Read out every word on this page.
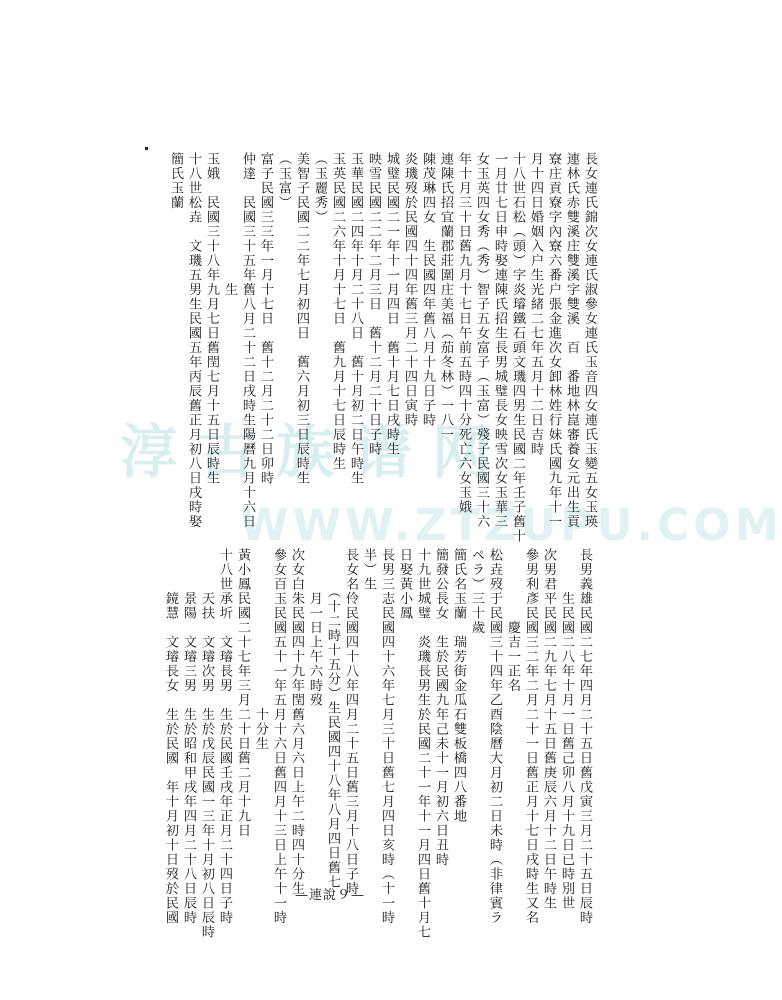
淳古族谱网
WWW.ZTZUPU.COM
長女連氏錦次女連氏淑參女連氏玉音四女連氏玉變五女玉瑛
連林氏赤雙溪庄雙溪字雙溪　百　番地林崑審養女元出生貢
寮庄貢寮字內寮六番户張金進次女卸林姓行妹氏國九年十一
月十四日婚姻入户生光緒二七年五月十二日吉時
十八世石松（頭）字炎璿鐵石頭文璣四男生民國二年壬子舊十
一月廿七日申時娶連陳氏招生長男城璧長女映雪次女玉華三
女玉英四女秀（秀）智子五女富子（玉富）殘子民國三十六
年十月三十日舊九月十七日午前五時四十分死亡六女玉娥
連陳氏招宜蘭郡莊圍庄美福（茄冬林）一八一
陳茂琳四女　生民國四年舊八月十九日子時
炎璣歿於民國四十四年舊三月二十四日寅時
城璧民國二一年十一月四日　舊十月七日戌時生
映雪民國二二年二月三日　舊十二月二十日子時
玉華民國二四年十月二十八日　舊十月初二日午時生
玉英民國二六年十月十七日　舊九月十七日辰時生
（玉麗秀）
美智子民國二二年七月初四日　舊六月初三日辰時生
（玉富）
富子民國三三年一月十七日　舊十二月二十二日卯時
仲達　民國三十五年舊八月二十二日戌時生陽曆九月十六日
　　　　　　　　　生
玉娥　民國三十八年九月七日舊閏七月十五日辰時生
十八世松垚　文璣五男生民國五年丙辰舊正月初八日戌時娶
簡氏玉蘭
長男義雄民國二七年四月二十五日舊戊寅三月二十五日辰時
　　　生民國二八年十月一日舊己卯八月十九日已時別世
次男君平民國二九年七月十五日舊庚辰六月十二日午時生
參男利彥民國三二年二月二十一日舊正月十七日戌時生又名
　　　　　慶吉一正名
松垚歿于民國三十四年乙酉陰曆大月初二日未時（非律賓ラ
ペラ）三十歲
簡氏名玉蘭　瑞芳街金瓜石雙板橋四八番地
簡發公長女　生於民國九年己未十一月初六日丑時
十九世城璧　炎璣長男生於民國二十一年十一月四日舊十月七
日娶黃小鳳
長男三志民國四十六年七月三十日舊七月四日亥時（十一時
半）生
長女名伶民國四十八年四月二十五日舊三月十八日子時
　　　（十二時十五分）生民國四十八年八月四日舊七
　　　月一日上午六時歿
次女白朱民國四十九年閏舊六月六日上午二時四十分生
參女百玉民國五十一年五月十六日舊四月十三日上午十一時
　　　　　　　　　　　十分生
黃小鳳民國二十七年三月二十日舊二月十九日
十八世承圻　文璿長男　生於民國壬戌年正月二十四日子時
　　　天扶　文璿次男　生於戊辰民國一三年十月初八日辰時
　　　景陽　文璿三男　生於昭和甲戌年四月二十八日辰時
　　　鏡慧　文璿長女　生於民國　年十月初十日歿於民國	—連說９—
